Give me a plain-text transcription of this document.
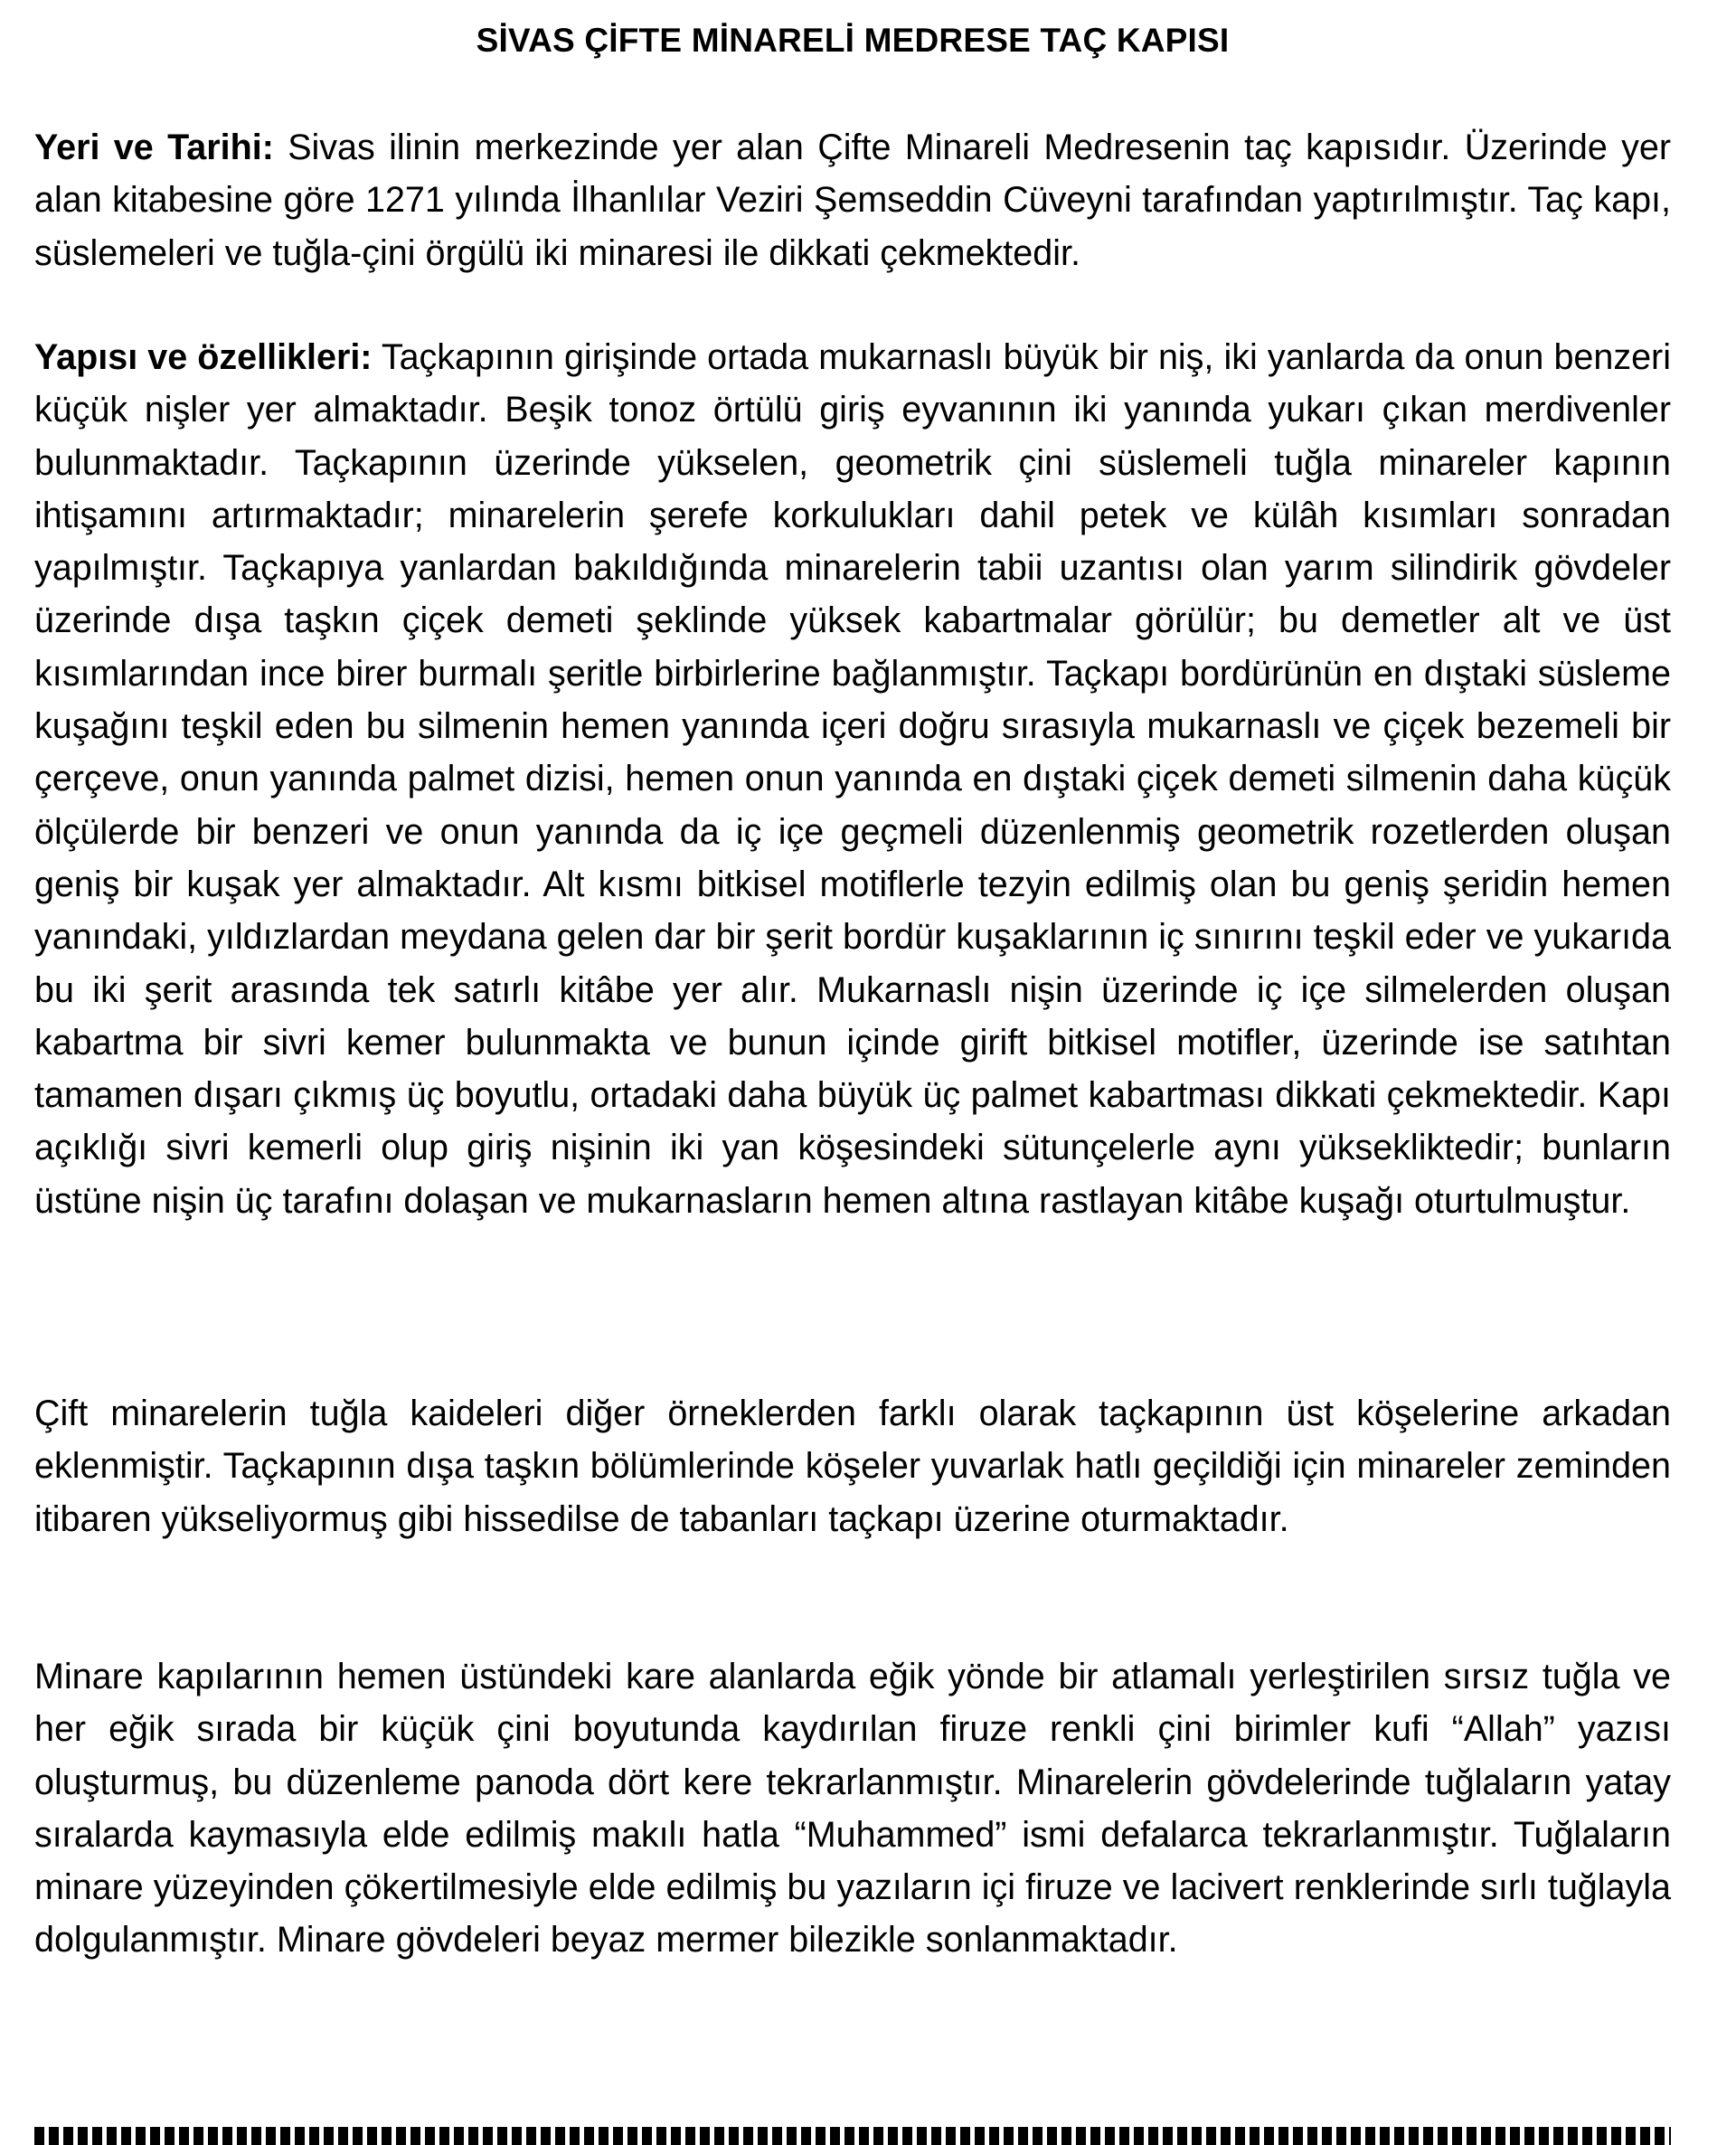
SİVAS ÇİFTE MİNARELİ MEDRESE TAÇ KAPISI

Yeri ve Tarihi: Sivas ilinin merkezinde yer alan Çifte Minareli Medresenin taç kapısıdır. Üzerinde yer alan kitabesine göre 1271 yılında İlhanlılar Veziri Şemseddin Cüveyni tarafından yaptırılmıştır. Taç kapı, süslemeleri ve tuğla-çini örgülü iki minaresi ile dikkati çekmektedir.

Yapısı ve özellikleri: Taçkapının girişinde ortada mukarnaslı büyük bir niş, iki yanlarda da onun benzeri küçük nişler yer almaktadır. Beşik tonoz örtülü giriş eyvanının iki yanında yukarı çıkan merdivenler bulunmaktadır. Taçkapının üzerinde yükselen, geometrik çini süslemeli tuğla minareler kapının ihtişamını artırmaktadır; minarelerin şerefe korkulukları dahil petek ve külâh kısımları sonradan yapılmıştır. Taçkapıya yanlardan bakıldığında minarelerin tabii uzantısı olan yarım silindirik gövdeler üzerinde dışa taşkın çiçek demeti şeklinde yüksek kabartmalar görülür; bu demetler alt ve üst kısımlarından ince birer burmalı şeritle birbirlerine bağlanmıştır. Taçkapı bordürünün en dıştaki süsleme kuşağını teşkil eden bu silmenin hemen yanında içeri doğru sırasıyla mukarnaslı ve çiçek bezemeli bir çerçeve, onun yanında palmet dizisi, hemen onun yanında en dıştaki çiçek demeti silmenin daha küçük ölçülerde bir benzeri ve onun yanında da iç içe geçmeli düzenlenmiş geometrik rozetlerden oluşan geniş bir kuşak yer almaktadır. Alt kısmı bitkisel motiflerle tezyin edilmiş olan bu geniş şeridin hemen yanındaki, yıldızlardan meydana gelen dar bir şerit bordür kuşaklarının iç sınırını teşkil eder ve yukarıda bu iki şerit arasında tek satırlı kitâbe yer alır. Mukarnaslı nişin üzerinde iç içe silmelerden oluşan kabartma bir sivri kemer bulunmakta ve bunun içinde girift bitkisel motifler, üzerinde ise satıhtan tamamen dışarı çıkmış üç boyutlu, ortadaki daha büyük üç palmet kabartması dikkati çekmektedir. Kapı açıklığı sivri kemerli olup giriş nişinin iki yan köşesindeki sütunçelerle aynı yüksekliktedir; bunların üstüne nişin üç tarafını dolaşan ve mukarnasların hemen altına rastlayan kitâbe kuşağı oturtulmuştur.

Çift minarelerin tuğla kaideleri diğer örneklerden farklı olarak taçkapının üst köşelerine arkadan eklenmiştir. Taçkapının dışa taşkın bölümlerinde köşeler yuvarlak hatlı geçildiği için minareler zeminden itibaren yükseliyormuş gibi hissedilse de tabanları taçkapı üzerine oturmaktadır.

Minare kapılarının hemen üstündeki kare alanlarda eğik yönde bir atlamalı yerleştirilen sırsız tuğla ve her eğik sırada bir küçük çini boyutunda kaydırılan firuze renkli çini birimler kufi “Allah” yazısı oluşturmuş, bu düzenleme panoda dört kere tekrarlanmıştır. Minarelerin gövdelerinde tuğlaların yatay sıralarda kaymasıyla elde edilmiş makılı hatla “Muhammed” ismi defalarca tekrarlanmıştır. Tuğlaların minare yüzeyinden çökertilmesiyle elde edilmiş bu yazıların içi firuze ve lacivert renklerinde sırlı tuğlayla dolgulanmıştır. Minare gövdeleri beyaz mermer bilezikle sonlanmaktadır.
